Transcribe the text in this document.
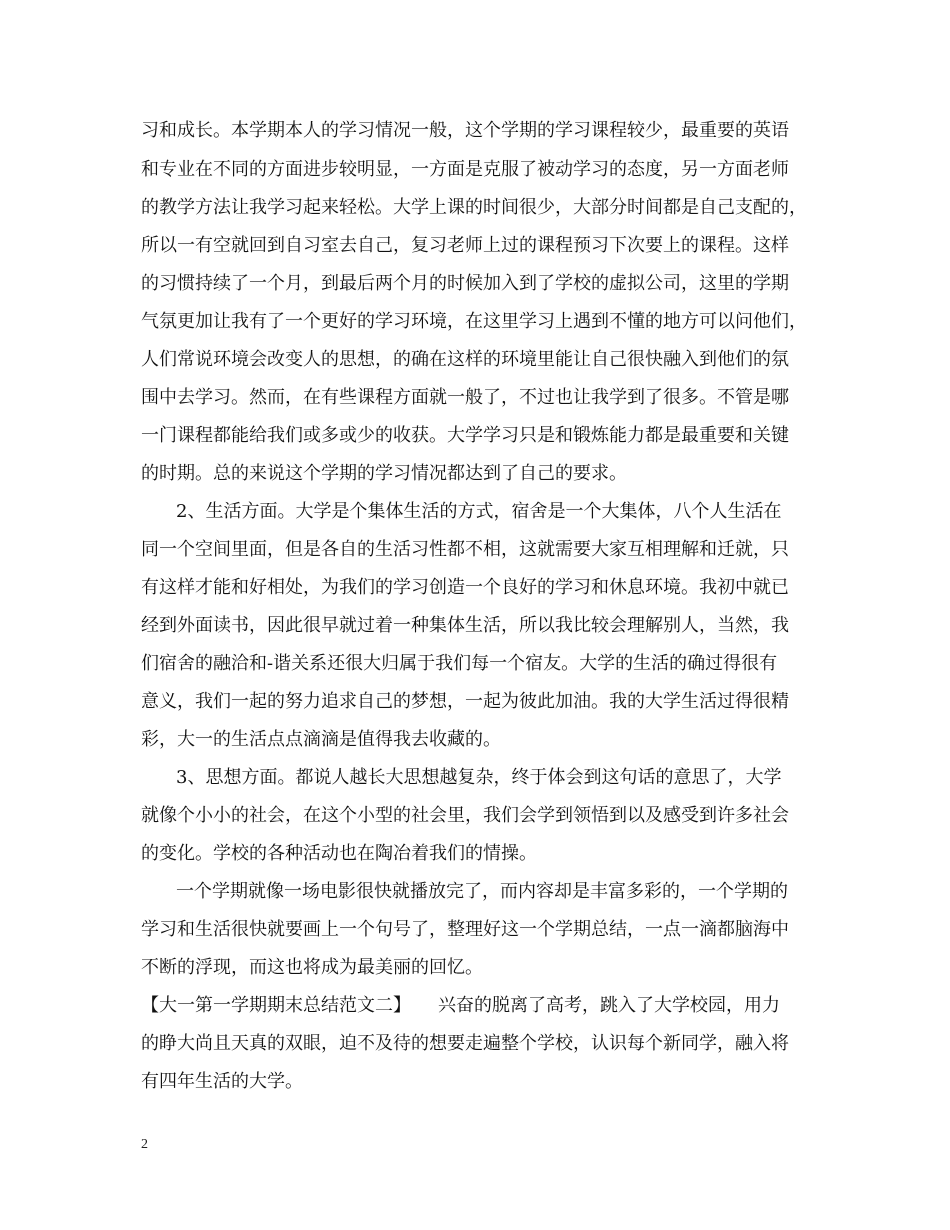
习和成长。本学期本人的学习情况一般，这个学期的学习课程较少，最重要的英语

和专业在不同的方面进步较明显，一方面是克服了被动学习的态度，另一方面老师

的教学方法让我学习起来轻松。大学上课的时间很少，大部分时间都是自己支配的，

所以一有空就回到自习室去自己，复习老师上过的课程预习下次要上的课程。这样

的习惯持续了一个月，到最后两个月的时候加入到了学校的虚拟公司，这里的学期

气氛更加让我有了一个更好的学习环境，在这里学习上遇到不懂的地方可以问他们，

人们常说环境会改变人的思想，的确在这样的环境里能让自己很快融入到他们的氛

围中去学习。然而，在有些课程方面就一般了，不过也让我学到了很多。不管是哪

一门课程都能给我们或多或少的收获。大学学习只是和锻炼能力都是最重要和关键

的时期。总的来说这个学期的学习情况都达到了自己的要求。

2、生活方面。大学是个集体生活的方式，宿舍是一个大集体，八个人生活在

同一个空间里面，但是各自的生活习性都不相，这就需要大家互相理解和迁就，只

有这样才能和好相处，为我们的学习创造一个良好的学习和休息环境。我初中就已

经到外面读书，因此很早就过着一种集体生活，所以我比较会理解别人，当然，我

们宿舍的融洽和-谐关系还很大归属于我们每一个宿友。大学的生活的确过得很有

意义，我们一起的努力追求自己的梦想，一起为彼此加油。我的大学生活过得很精

彩，大一的生活点点滴滴是值得我去收藏的。

3、思想方面。都说人越长大思想越复杂，终于体会到这句话的意思了，大学

就像个小小的社会，在这个小型的社会里，我们会学到领悟到以及感受到许多社会

的变化。学校的各种活动也在陶冶着我们的情操。

一个学期就像一场电影很快就播放完了，而内容却是丰富多彩的，一个学期的

学习和生活很快就要画上一个句号了，整理好这一个学期总结，一点一滴都脑海中

不断的浮现，而这也将成为最美丽的回忆。

【大一第一学期期末总结范文二】　　兴奋的脱离了高考，跳入了大学校园，用力

的睁大尚且天真的双眼，迫不及待的想要走遍整个学校，认识每个新同学，融入将

有四年生活的大学。

2
